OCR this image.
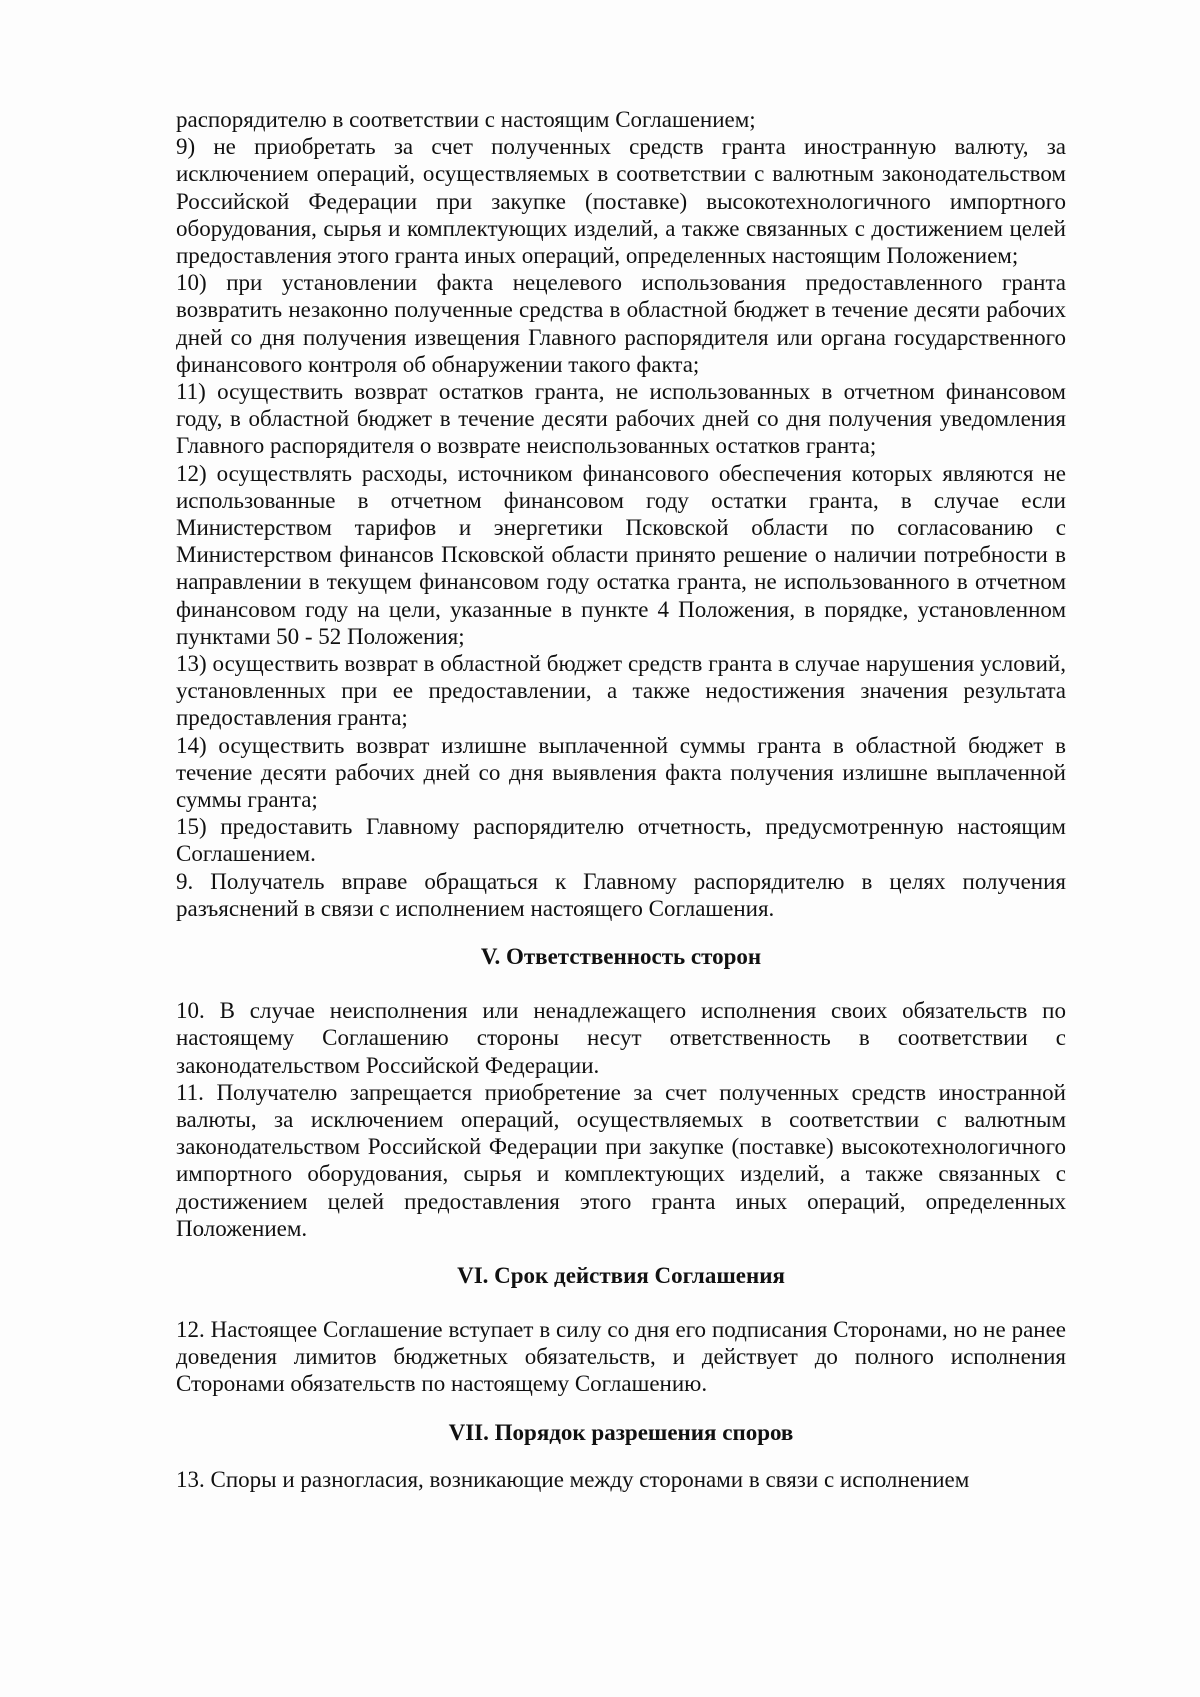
распорядителю в соответствии с настоящим Соглашением;

9) не приобретать за счет полученных средств гранта иностранную валюту, за исключением операций, осуществляемых в соответствии с валютным законодательством Российской Федерации при закупке (поставке) высокотехнологичного импортного оборудования, сырья и комплектующих изделий, а также связанных с достижением целей предоставления этого гранта иных операций, определенных настоящим Положением;

10) при установлении факта нецелевого использования предоставленного гранта возвратить незаконно полученные средства в областной бюджет в течение десяти рабочих дней со дня получения извещения Главного распорядителя или органа государственного финансового контроля об обнаружении такого факта;

11) осуществить возврат остатков гранта, не использованных в отчетном финансовом году, в областной бюджет в течение десяти рабочих дней со дня получения уведомления Главного распорядителя о возврате неиспользованных остатков гранта;

12) осуществлять расходы, источником финансового обеспечения которых являются не использованные в отчетном финансовом году остатки гранта, в случае если Министерством тарифов и энергетики Псковской области по согласованию с Министерством финансов Псковской области принято решение о наличии потребности в направлении в текущем финансовом году остатка гранта, не использованного в отчетном финансовом году на цели, указанные в пункте 4 Положения, в порядке, установленном пунктами 50 - 52 Положения;

13) осуществить возврат в областной бюджет средств гранта в случае нарушения условий, установленных при ее предоставлении, а также недостижения значения результата предоставления гранта;

14) осуществить возврат излишне выплаченной суммы гранта в областной бюджет в течение десяти рабочих дней со дня выявления факта получения излишне выплаченной суммы гранта;

15) предоставить Главному распорядителю отчетность, предусмотренную настоящим Соглашением.

9. Получатель вправе обращаться к Главному распорядителю в целях получения разъяснений в связи с исполнением настоящего Соглашения.

V. Ответственность сторон

10. В случае неисполнения или ненадлежащего исполнения своих обязательств по настоящему Соглашению стороны несут ответственность в соответствии с законодательством Российской Федерации.

11. Получателю запрещается приобретение за счет полученных средств иностранной валюты, за исключением операций, осуществляемых в соответствии с валютным законодательством Российской Федерации при закупке (поставке) высокотехнологичного импортного оборудования, сырья и комплектующих изделий, а также связанных с достижением целей предоставления этого гранта иных операций, определенных Положением.

VI. Срок действия Соглашения

12. Настоящее Соглашение вступает в силу со дня его подписания Сторонами, но не ранее доведения лимитов бюджетных обязательств, и действует до полного исполнения Сторонами обязательств по настоящему Соглашению.

VII. Порядок разрешения споров

13. Споры и разногласия, возникающие между сторонами в связи с исполнением
